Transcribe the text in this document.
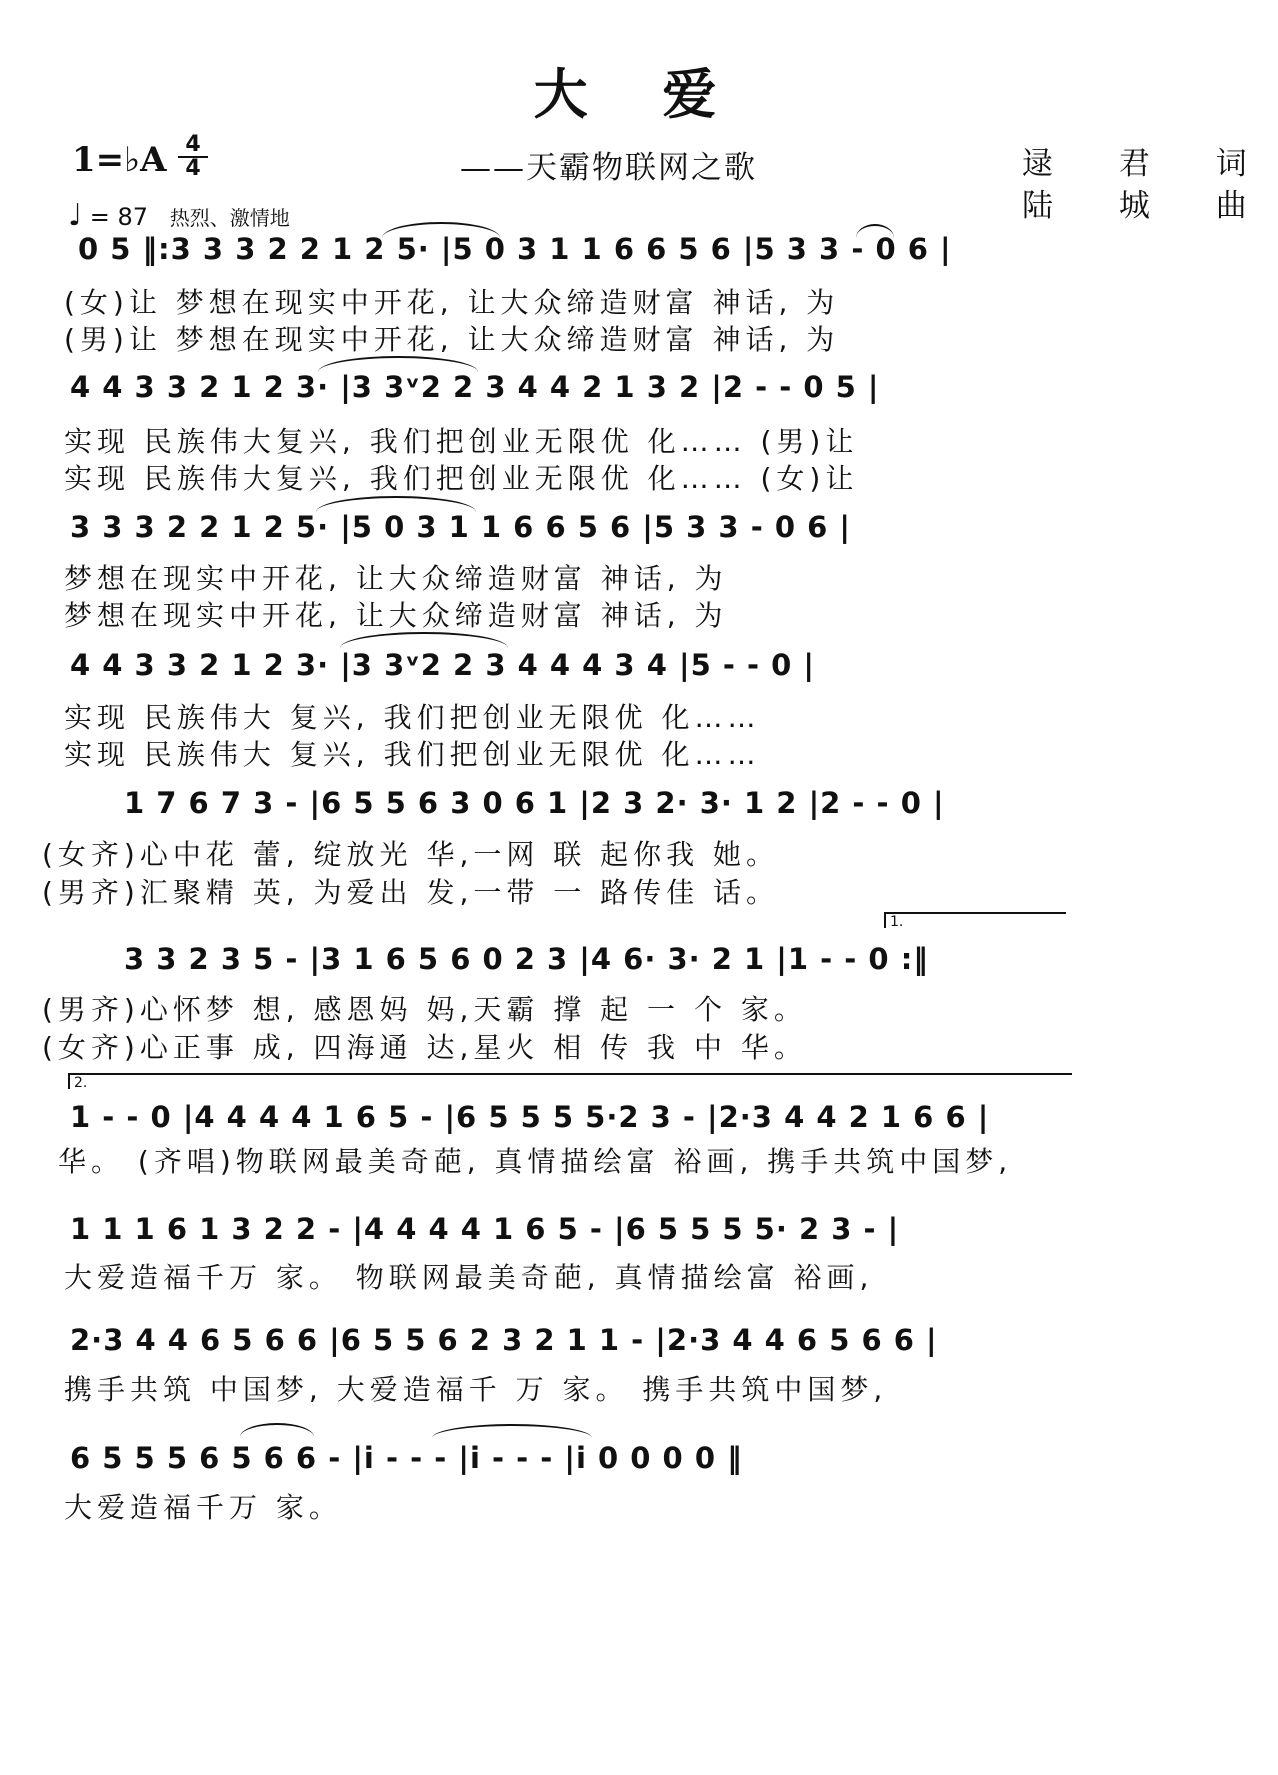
大 爱
1=♭A $\frac{4}{4}$
♩ = 87 热烈、激情地
——天霸物联网之歌	逯 君 词
陆 城 曲
0 5 ‖:3 3 3 2 2 1 2 5· |5 0 3 1 1 6 6 5 6 |5 3 3 - 0 6 |
(女)让 梦想在现实中开花, 让大众缔造财富 神话, 为
(男)让 梦想在现实中开花, 让大众缔造财富 神话, 为
4 4 3 3 2 1 2 3· |3 3ᵛ2 2 3 4 4 2 1 3 2 |2 - - 0 5 |
实现 民族伟大复兴, 我们把创业无限优 化…… (男)让
实现 民族伟大复兴, 我们把创业无限优 化…… (女)让
3 3 3 2 2 1 2 5· |5 0 3 1 1 6 6 5 6 |5 3 3 - 0 6 |
梦想在现实中开花, 让大众缔造财富 神话, 为
梦想在现实中开花, 让大众缔造财富 神话, 为
4 4 3 3 2 1 2 3· |3 3ᵛ2 2 3 4 4 4 3 4 |5 - - 0 |
实现 民族伟大 复兴, 我们把创业无限优 化……
实现 民族伟大 复兴, 我们把创业无限优 化……
1 7 6 7 3 - |6 5 5 6 3 0 6 1 |2 3 2· 3· 1 2 |2 - - 0 |
(女齐)心中花 蕾, 绽放光 华,一网 联 起你我 她。
(男齐)汇聚精 英, 为爱出 发,一带 一 路传佳 话。
1.
3 3 2 3 5 - |3 1 6 5 6 0 2 3 |4 6· 3· 2 1 |1 - - 0 :‖
(男齐)心怀梦 想, 感恩妈 妈,天霸 撑 起 一 个 家。
(女齐)心正事 成, 四海通 达,星火 相 传 我 中 华。
2.
1 - - 0 |4 4 4 4 1 6 5 - |6 5 5 5 5·2 3 - |2·3 4 4 2 1 6 6 |
华。 (齐唱)物联网最美奇葩, 真情描绘富 裕画, 携手共筑中国梦,
1 1 1 6 1 3 2 2 - |4 4 4 4 1 6 5 - |6 5 5 5 5· 2 3 - |
大爱造福千万 家。 物联网最美奇葩, 真情描绘富 裕画,
2·3 4 4 6 5 6 6 |6 5 5 6 2 3 2 1 1 - |2·3 4 4 6 5 6 6 |
携手共筑 中国梦, 大爱造福千 万 家。 携手共筑中国梦,
6 5 5 5 6 5 6 6 - |i - - - |i - - - |i 0 0 0 0 ‖
大爱造福千万 家。
